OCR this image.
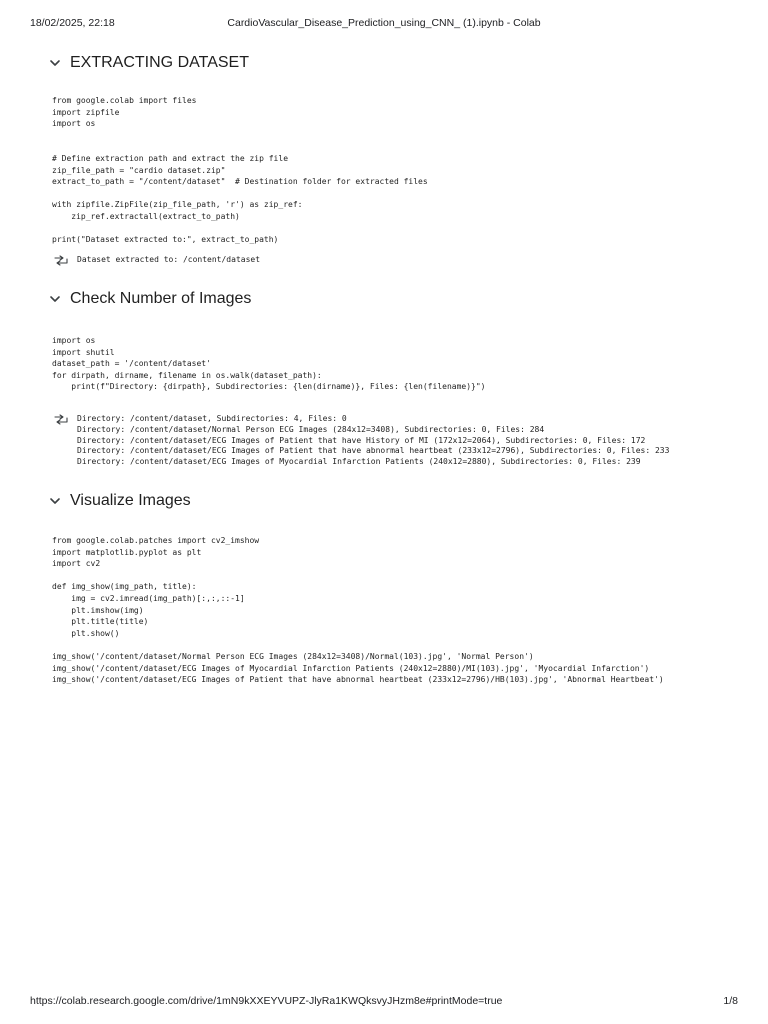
18/02/2025, 22:18	CardioVascular_Disease_Prediction_using_CNN_ (1).ipynb - Colab
EXTRACTING DATASET
from google.colab import files
import zipfile
import os
# Define extraction path and extract the zip file
zip_file_path = "cardio dataset.zip"
extract_to_path = "/content/dataset"  # Destination folder for extracted files
with zipfile.ZipFile(zip_file_path, 'r') as zip_ref:
zip_ref.extractall(extract_to_path)
print("Dataset extracted to:", extract_to_path)
Dataset extracted to: /content/dataset
Check Number of Images
import os
import shutil
dataset_path = '/content/dataset'
for dirpath, dirname, filename in os.walk(dataset_path):
print(f"Directory: {dirpath}, Subdirectories: {len(dirname)}, Files: {len(filename)}")
Directory: /content/dataset, Subdirectories: 4, Files: 0
Directory: /content/dataset/Normal Person ECG Images (284x12=3408), Subdirectories: 0, Files: 284
Directory: /content/dataset/ECG Images of Patient that have History of MI (172x12=2064), Subdirectories: 0, Files: 172
Directory: /content/dataset/ECG Images of Patient that have abnormal heartbeat (233x12=2796), Subdirectories: 0, Files: 233
Directory: /content/dataset/ECG Images of Myocardial Infarction Patients (240x12=2880), Subdirectories: 0, Files: 239
Visualize Images
from google.colab.patches import cv2_imshow
import matplotlib.pyplot as plt
import cv2
def img_show(img_path, title):
img = cv2.imread(img_path)[:,:,::-1]
plt.imshow(img)
plt.title(title)
plt.show()
img_show('/content/dataset/Normal Person ECG Images (284x12=3408)/Normal(103).jpg', 'Normal Person')
img_show('/content/dataset/ECG Images of Myocardial Infarction Patients (240x12=2880)/MI(103).jpg', 'Myocardial Infarction')
img_show('/content/dataset/ECG Images of Patient that have abnormal heartbeat (233x12=2796)/HB(103).jpg', 'Abnormal Heartbeat')
https://colab.research.google.com/drive/1mN9kXXEYVUPZ-JlyRa1KWQksvyJHzm8e#printMode=true	1/8
